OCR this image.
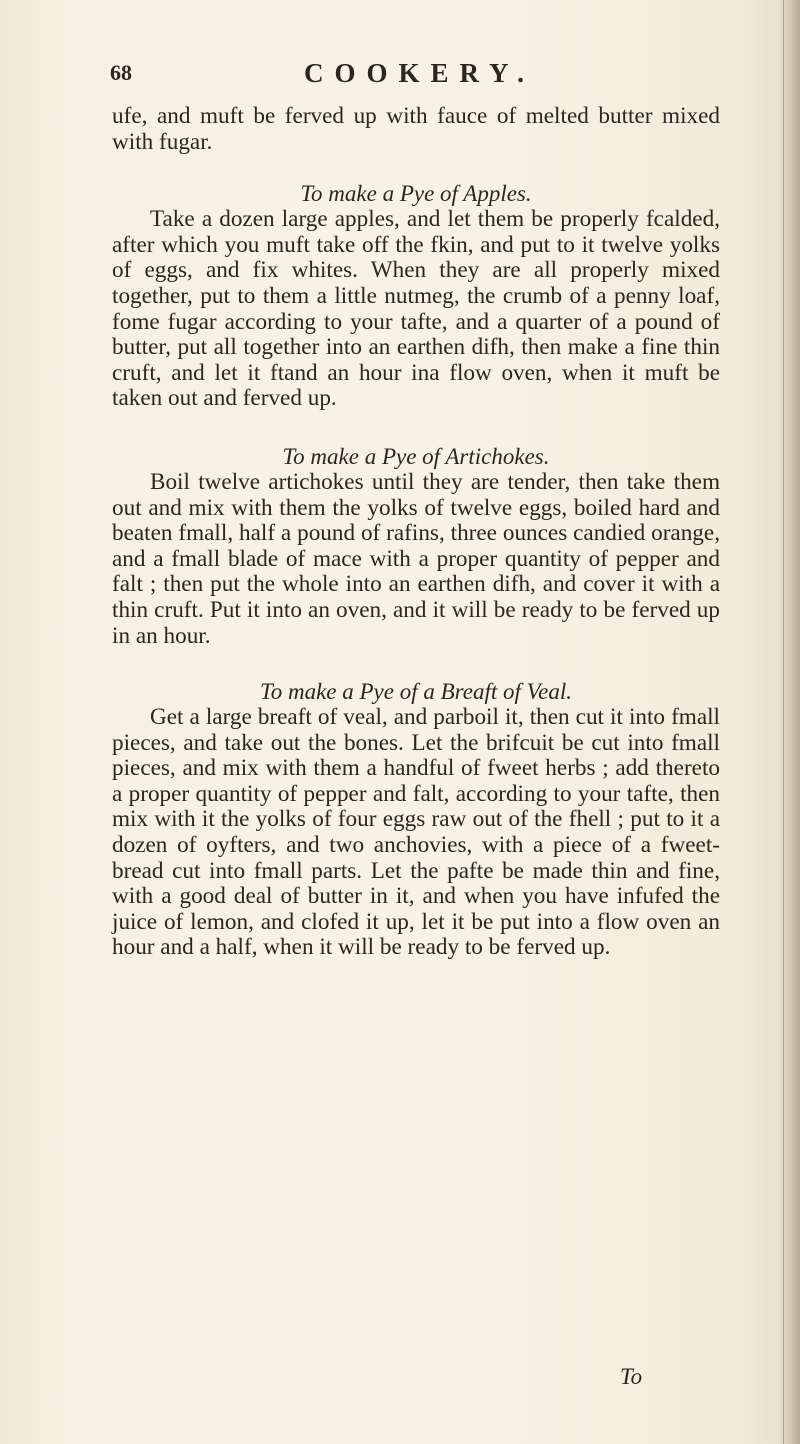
68	COOKERY.

ufe, and muft be ferved up with fauce of melted butter mixed with fugar.

To make a Pye of Apples.

Take a dozen large apples, and let them be properly fcalded, after which you muft take off the fkin, and put to it twelve yolks of eggs, and fix whites. When they are all properly mixed together, put to them a little nutmeg, the crumb of a penny loaf, fome fugar according to your tafte, and a quarter of a pound of butter, put all together into an earthen difh, then make a fine thin cruft, and let it ftand an hour ina flow oven, when it muft be taken out and ferved up.

To make a Pye of Artichokes.

Boil twelve artichokes until they are tender, then take them out and mix with them the yolks of twelve eggs, boiled hard and beaten fmall, half a pound of rafins, three ounces candied orange, and a fmall blade of mace with a proper quantity of pepper and falt ; then put the whole into an earthen difh, and cover it with a thin cruft. Put it into an oven, and it will be ready to be ferved up in an hour.

To make a Pye of a Breaft of Veal.

Get a large breaft of veal, and parboil it, then cut it into fmall pieces, and take out the bones. Let the brifcuit be cut into fmall pieces, and mix with them a handful of fweet herbs ; add thereto a proper quantity of pepper and falt, according to your tafte, then mix with it the yolks of four eggs raw out of the fhell ; put to it a dozen of oyfters, and two anchovies, with a piece of a fweet-bread cut into fmall parts. Let the pafte be made thin and fine, with a good deal of butter in it, and when you have infufed the juice of lemon, and clofed it up, let it be put into a flow oven an hour and a half, when it will be ready to be ferved up.

To
